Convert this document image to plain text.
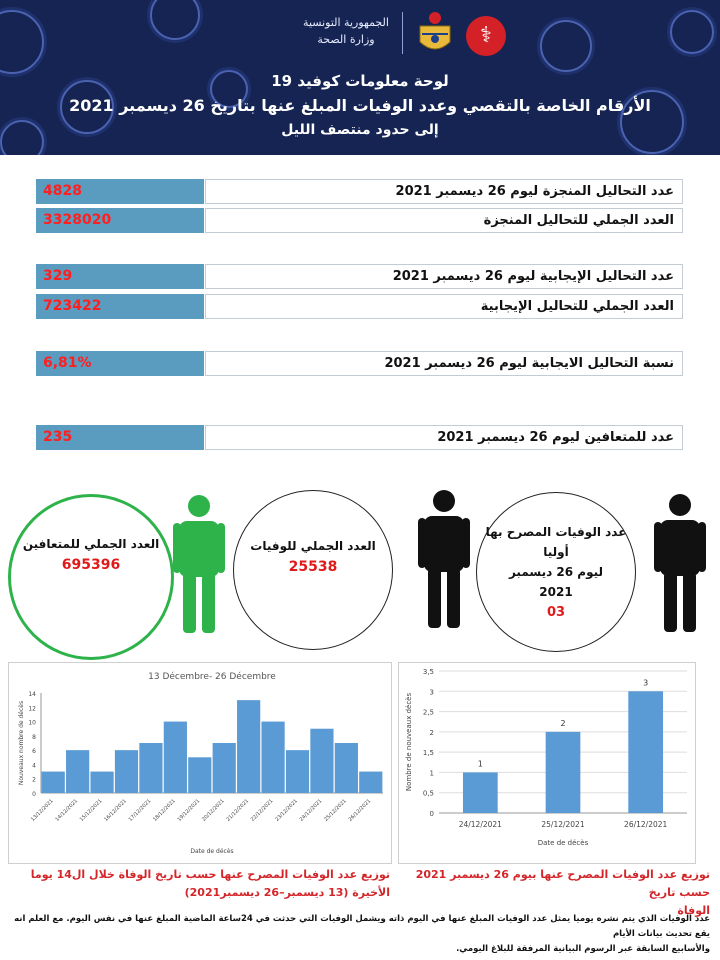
الجمهورية التونسية
وزارة الصحة	⚕
لوحة معلومات كوفيد 19
الأرقام الخاصة بالتقصي وعدد الوفيات المبلغ عنها بتاريخ 26 ديسمبر 2021
إلى حدود منتصف الليل
4828	عدد التحاليل المنجزة ليوم 26 ديسمبر 2021
3328020	العدد الجملي للتحاليل المنجزة
329	عدد التحاليل الإيجابية ليوم 26 ديسمبر 2021
723422	العدد الجملي للتحاليل الإيجابية
6,81%	نسبة التحاليل الايجابية ليوم 26 ديسمبر 2021
235	عدد للمتعافين ليوم 26 ديسمبر 2021
العدد الجملي للمتعافين
695396
العدد الجملي للوفيات
25538
عدد الوفيات المصرح بها
أوليا
ليوم 26 ديسمبر
2021
03
13 Décembre- 26 Décembre
0
2
4
6
8
10
12
14
13/12/2021 14/12/2021 15/12/2021 16/12/2021 17/12/2021 18/12/2021 19/12/2021 20/12/2021 21/12/2021 22/12/2021 23/12/2021 24/12/2021 25/12/2021 26/12/2021
Date de décès
Nouveaux nombre de décès
0
0,5
1
1,5
2
2,5
3
3,5
1
24/12/2021
2
25/12/2021
3
26/12/2021
Date de décès
Nombre de nouveaux décès
توزيع عدد الوفيات المصرح عنها حسب تاريخ الوفاة خلال ال14 يوما
الأخيرة (13 ديسمبر–26 ديسمبر2021)
توزيع عدد الوفيات المصرح عنها بيوم 26 ديسمبر 2021 حسب تاريخ
الوفاة
عدد الوفيات الذي يتم نشره يوميا يمثل عدد الوفيات المبلغ عنها في اليوم ذاته ويشمل الوفيات التي حدثت في 24ساعة الماضية المبلغ عنها في نفس اليوم. مع العلم انه يقع تحديث بيانات الأيام
والأسابيع السابقة عبر الرسوم البيانية المرفقة للبلاغ اليومي.
